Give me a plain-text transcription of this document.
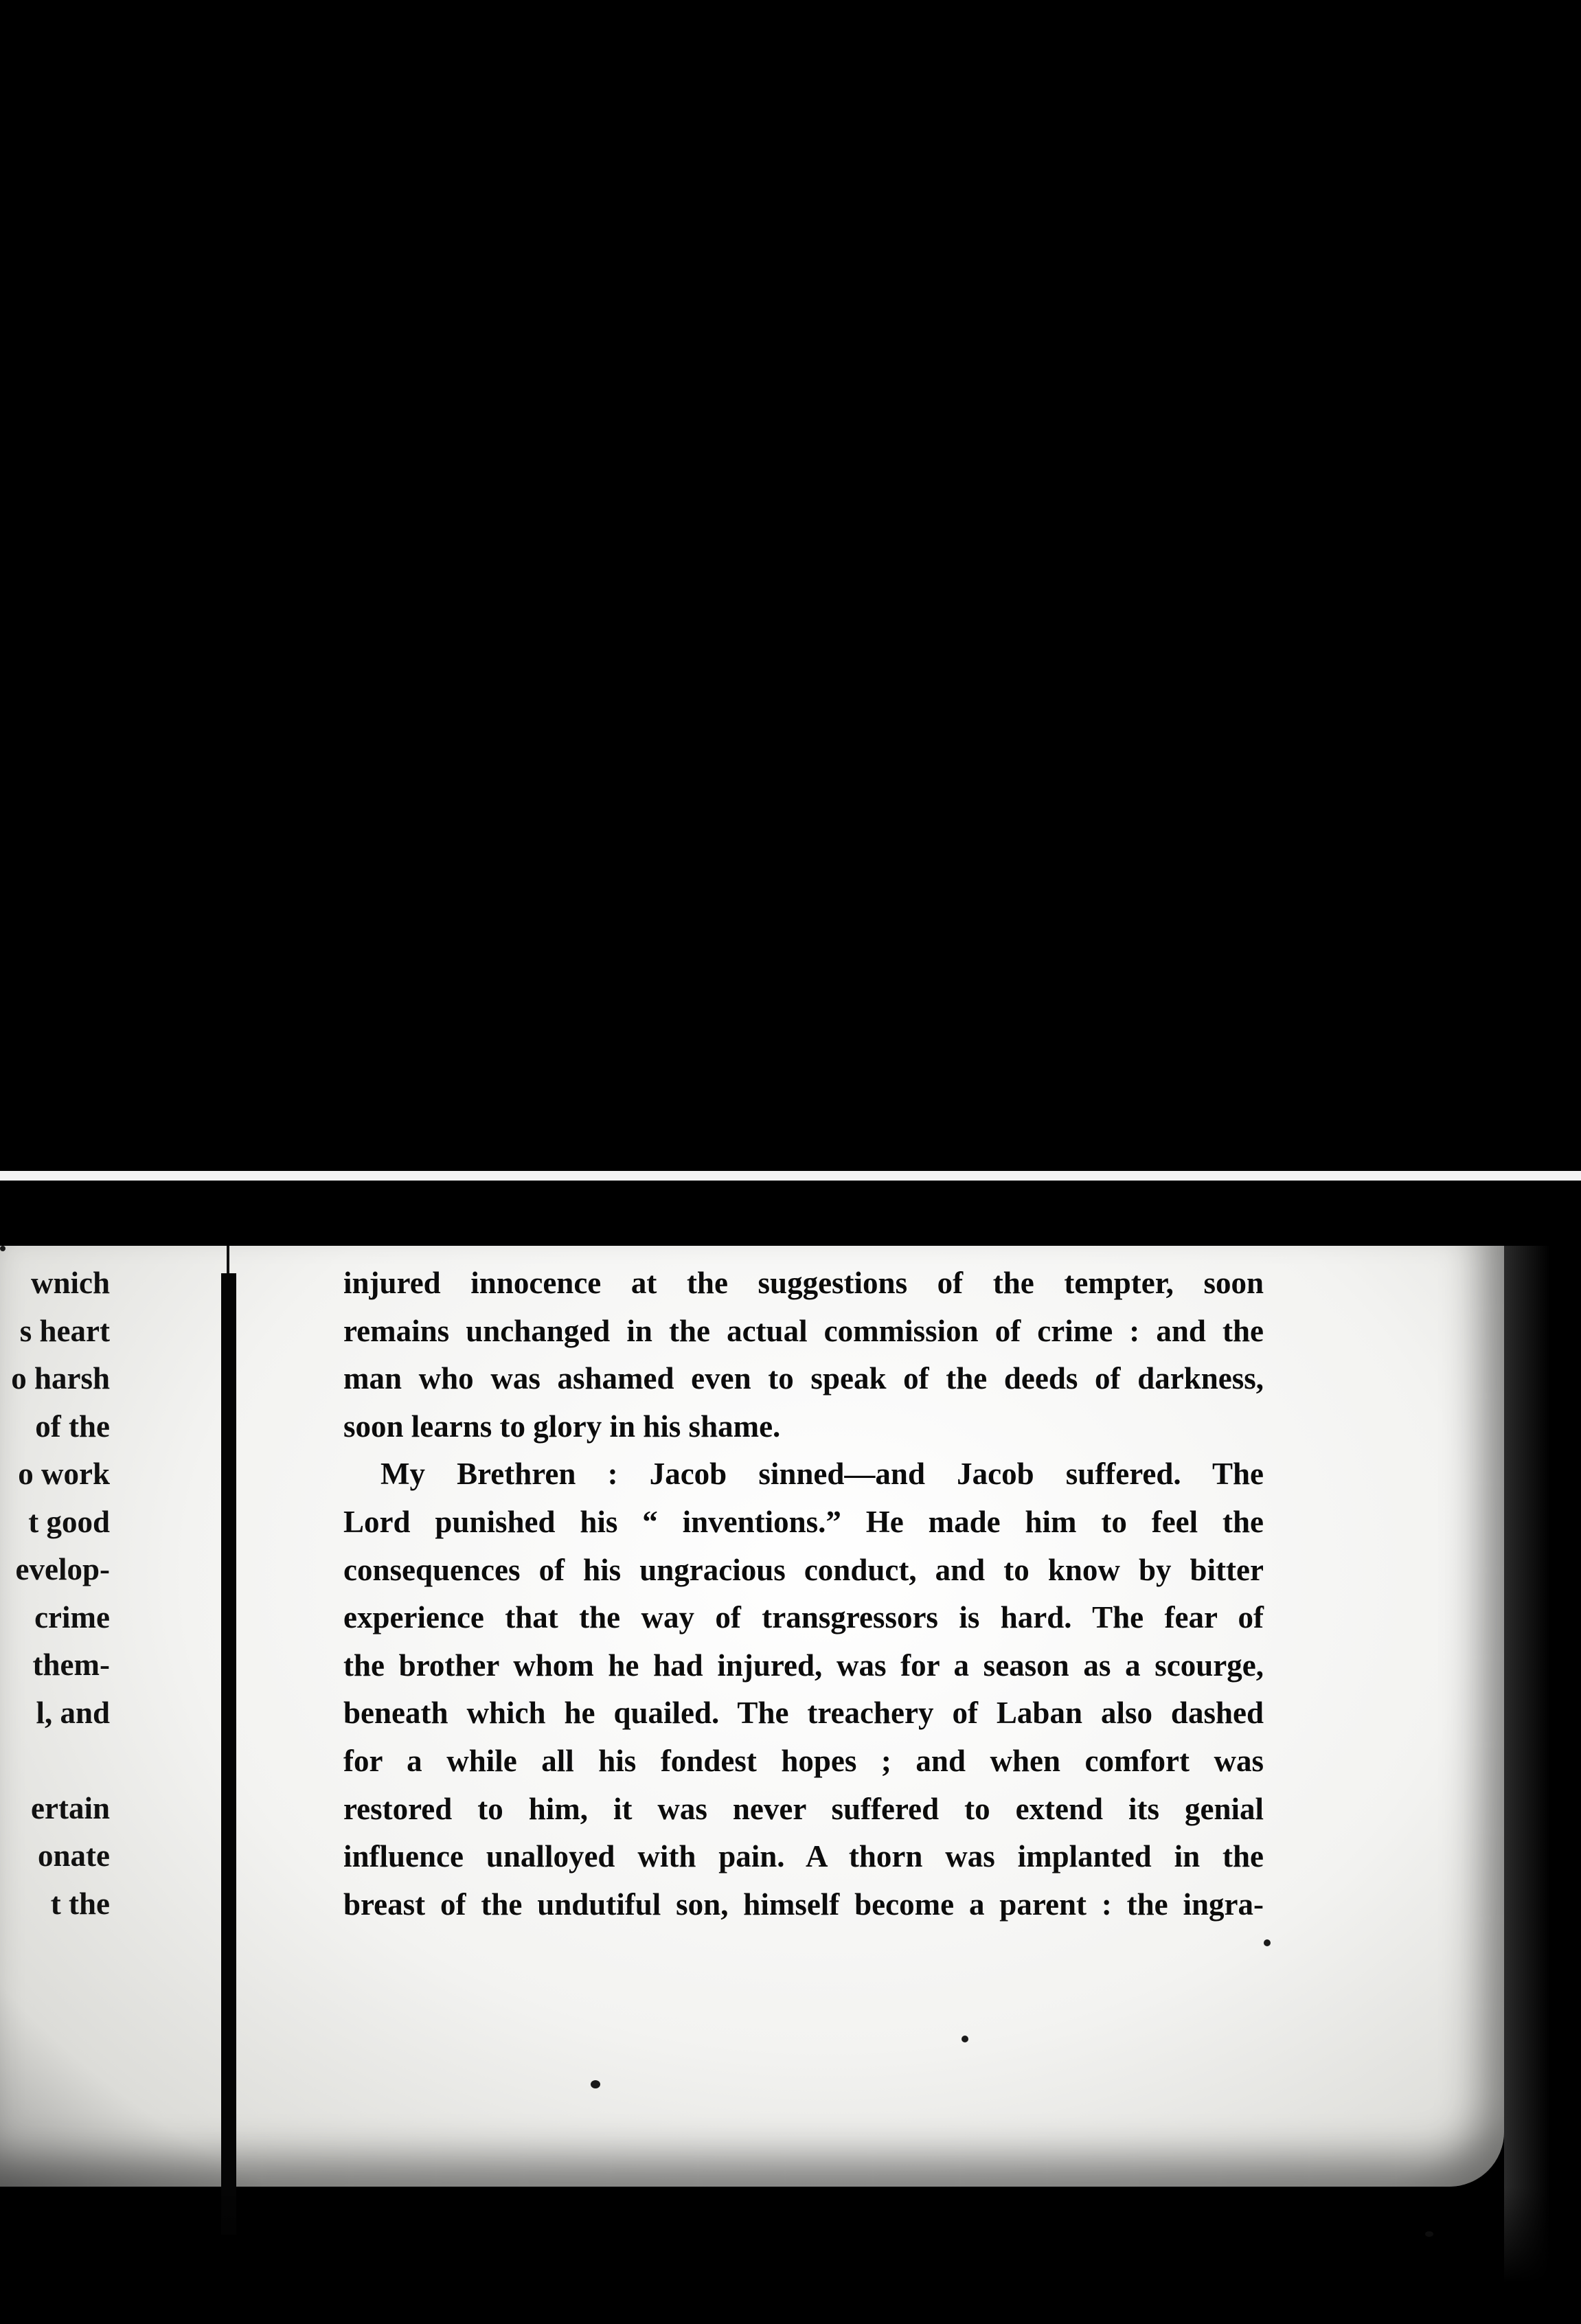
wnich
s heart
o harsh
of the
o work
t good
evelop-
crime
them-
l, and
ertain
onate
t the
injured innocence at the suggestions of the tempter, soon
remains unchanged in the actual commission of crime : and the
man who was ashamed even to speak of the deeds of darkness,
soon learns to glory in his shame.
My Brethren : Jacob sinned—and Jacob suffered. The
Lord punished his “ inventions.” He made him to feel the
consequences of his ungracious conduct, and to know by bitter
experience that the way of transgressors is hard. The fear of
the brother whom he had injured, was for a season as a scourge,
beneath which he quailed. The treachery of Laban also dashed
for a while all his fondest hopes ; and when comfort was
restored to him, it was never suffered to extend its genial
influence unalloyed with pain. A thorn was implanted in the
breast of the undutiful son, himself become a parent : the ingra-
